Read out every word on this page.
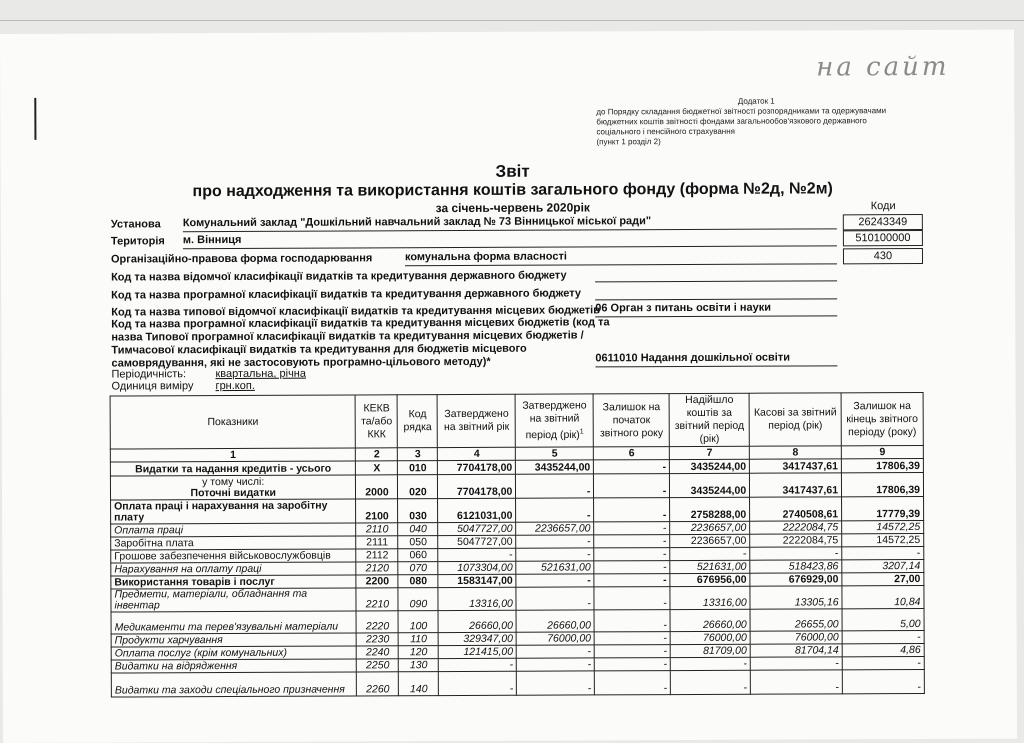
на сайт
Додаток 1
до Порядку складання бюджетної звітності розпорядниками та одержувачами
бюджетних коштів звітності фондами загальнообов'язкового державного
соціального і пенсійного страхування
(пункт 1 розділ 2)
Звіт
про надходження та використання коштів загального фонду (форма №2д, №2м)
за січень-червень 2020рік	Коди
Установа Комунальний заклад "Дошкільний навчальний заклад № 73 Вінницької міської ради"	26243349
Територія м. Вінниця	510100000
Організаційно-правова форма господарювання	комунальна форма власності	430
Код та назва відомчої класифікації видатків та кредитування державного бюджету
Код та назва програмної класифікації видатків та кредитування державного бюджету
Код та назва типової відомчої класифікації видатків та кредитування місцевих бюджетів
06 Орган з питань освіти і науки
Код та назва програмної класифікації видатків та кредитування місцевих бюджетів (код та
назва Типової програмної класифікації видатків та кредитування місцевих бюджетів /
Тимчасової класифікації видатків та кредитування для бюджетів місцевого
самоврядування, які не застосовують програмно-цільового методу)*	0611010 Надання дошкільної освіти
Періодичність:	квартальна, річна
Одиниця виміру грн.коп.
Показники	КЕКВ та/або ККК	Код рядка	Затверджено на звітний рік	Затверджено на звітний період (рік)$^1$	Залишок на початок звітного року	Надійшло коштів за звітний період (рік)	Касові за звітний період (рік)	Залишок на кінець звітного періоду (року)
1	2	3	4	5	6	7	8	9

Видатки та надання кредитів - усього	X	010	7704178,00	3435244,00	-	3435244,00	3417437,61	17806,39

у тому числі:
Поточні видатки	2000	020	7704178,00	-	-	3435244,00	3417437,61	17806,39

Оплата праці і нарахування на заробітну плату	2100	030	6121031,00	-	-	2758288,00	2740508,61	17779,39

Оплата праці	2110	040	5047727,00	2236657,00	-	2236657,00	2222084,75	14572,25

Заробітна плата	2111	050	5047727,00	-	-	2236657,00	2222084,75	14572,25

Грошове забезпечення військовослужбовців	2112	060	-	-	-	-	-	-

Нарахування на оплату праці	2120	070	1073304,00	521631,00	-	521631,00	518423,86	3207,14

Використання товарів і послуг	2200	080	1583147,00	-	-	676956,00	676929,00	27,00

Предмети, матеріали, обладнання та інвентар	2210	090	13316,00	-	-	13316,00	13305,16	10,84

Медикаменти та перев'язувальні матеріали	2220	100	26660,00	26660,00	-	26660,00	26655,00	5,00

Продукти харчування	2230	110	329347,00	76000,00	-	76000,00	76000,00	-

Оплата послуг (крім комунальних)	2240	120	121415,00	-	-	81709,00	81704,14	4,86

Видатки на відрядження	2250	130	-	-	-	-	-	-

Видатки та заходи спеціального призначення	2260	140	-	-	-	-	-	-
